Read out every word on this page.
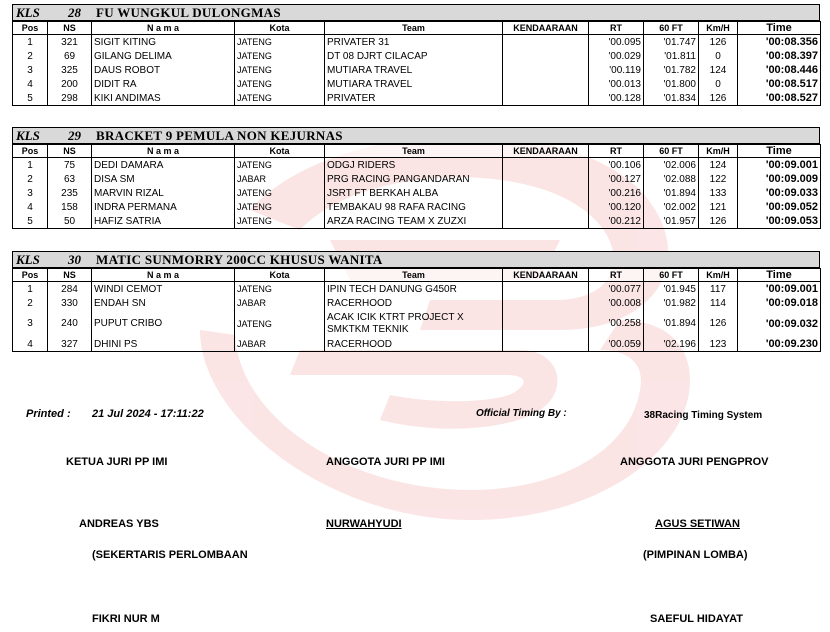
KLS	28	FU WUNGKUL DULONGMAS
Pos	NS	N a m a	Kota	Team	KENDAARAAN	RT	60 FT	Km/H	Time
1	321	SIGIT KITING	JATENG	PRIVATER 31		'00.095	'01.747	126	'00:08.356
2	69	GILANG DELIMA	JATENG	DT 08 DJRT CILACAP		'00.029	'01.811	0	'00:08.397
3	325	DAUS ROBOT	JATENG	MUTIARA TRAVEL		'00.119	'01.782	124	'00:08.446
4	200	DIDIT RA	JATENG	MUTIARA TRAVEL		'00.013	'01.800	0	'00:08.517
5	298	KIKI ANDIMAS	JATENG	PRIVATER		'00.128	'01.834	126	'00:08.527
KLS	29	BRACKET 9 PEMULA NON KEJURNAS
Pos	NS	N a m a	Kota	Team	KENDAARAAN	RT	60 FT	Km/H	Time
1	75	DEDI DAMARA	JATENG	ODGJ RIDERS		'00.106	'02.006	124	'00:09.001
2	63	DISA SM	JABAR	PRG RACING PANGANDARAN		'00.127	'02.088	122	'00:09.009
3	235	MARVIN RIZAL	JATENG	JSRT FT BERKAH ALBA		'00.216	'01.894	133	'00:09.033
4	158	INDRA PERMANA	JATENG	TEMBAKAU 98 RAFA RACING		'00.120	'02.002	121	'00:09.052
5	50	HAFIZ SATRIA	JATENG	ARZA RACING TEAM X ZUZXI		'00.212	'01.957	126	'00:09.053
KLS	30	MATIC SUNMORRY 200CC KHUSUS WANITA
Pos	NS	N a m a	Kota	Team	KENDAARAAN	RT	60 FT	Km/H	Time
1	284	WINDI CEMOT	JATENG	IPIN TECH DANUNG G450R		'00.077	'01.945	117	'00:09.001
2	330	ENDAH SN	JABAR	RACERHOOD		'00.008	'01.982	114	'00:09.018
3	240	PUPUT CRIBO	JATENG	ACAK ICIK KTRT PROJECT X SMKTKM TEKNIK		'00.258	'01.894	126	'00:09.032
4	327	DHINI PS	JABAR	RACERHOOD		'00.059	'02.196	123	'00:09.230
Printed : 21 Jul 2024 - 17:11:22	Official Timing By :	38Racing Timing System
KETUA JURI PP IMI	ANGGOTA JURI PP IMI	ANGGOTA JURI PENGPROV
ANDREAS YBS	NURWAHYUDI	AGUS SETIWAN
(SEKERTARIS PERLOMBAAN	(PIMPINAN LOMBA)
FIKRI NUR M	SAEFUL HIDAYAT
